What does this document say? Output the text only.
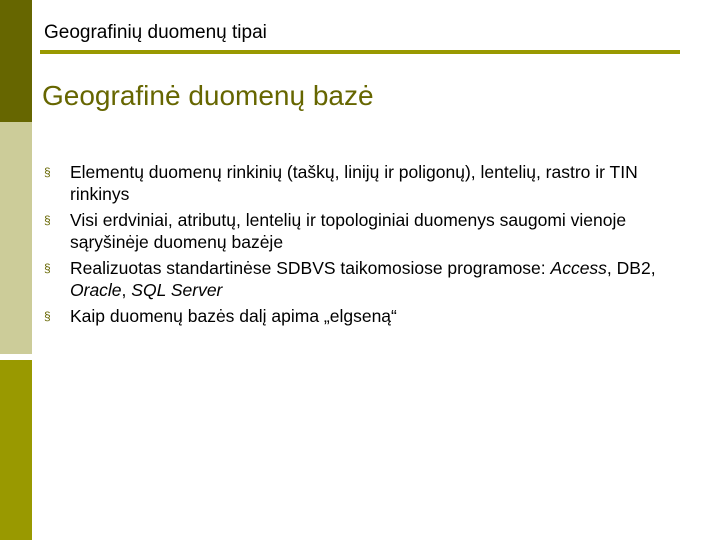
Geografinių duomenų tipai
Geografinė duomenų bazė
§ Elementų duomenų rinkinių (taškų, linijų ir poligonų), lentelių, rastro ir TIN rinkinys
§ Visi erdviniai, atributų, lentelių ir topologiniai duomenys saugomi vienoje sąryšinėje duomenų bazėje
§ Realizuotas standartinėse SDBVS taikomosiose programose: Access, DB2, Oracle, SQL Server
§ Kaip duomenų bazės dalį apima „elgseną“
